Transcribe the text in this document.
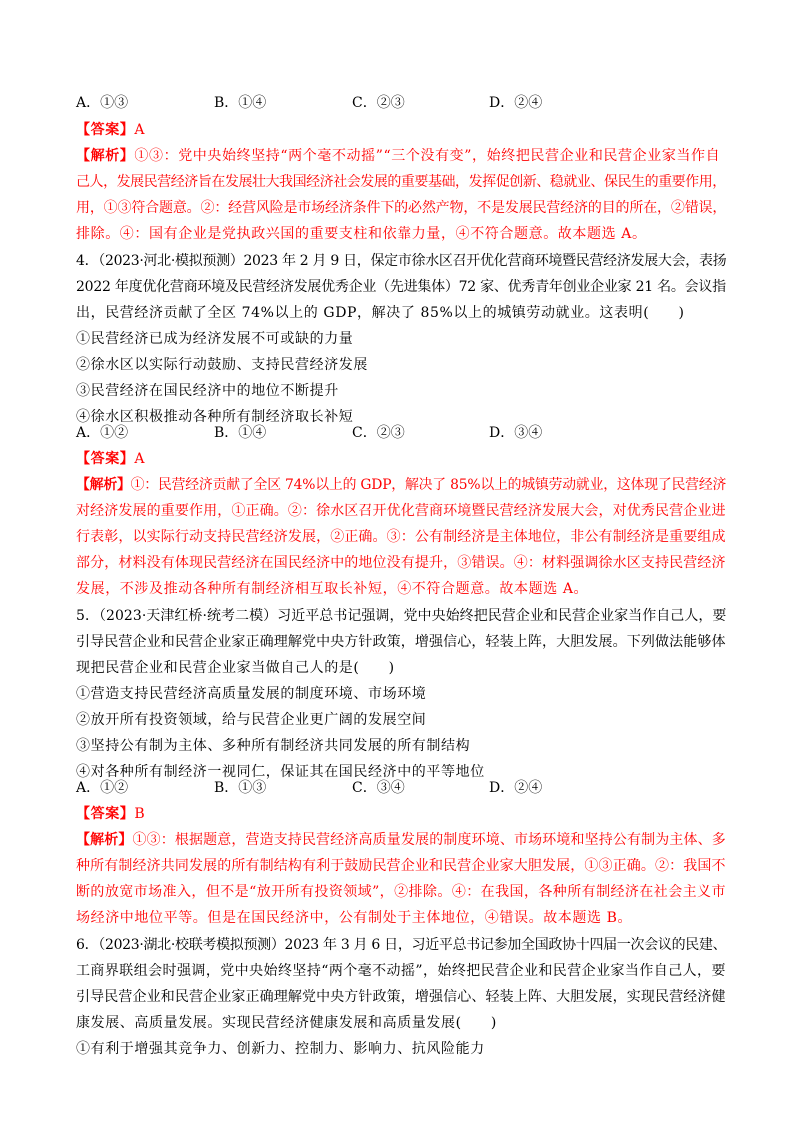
A．①③	B．①④	C．②③	D．②④
【答案】A
【解析】①③：党中央始终坚持“两个毫不动摇”“三个没有变”，始终把民营企业和民营企业家当作自
己人，发展民营经济旨在发展壮大我国经济社会发展的重要基础，发挥促创新、稳就业、保民生的重要作用，
用，①③符合题意。②：经营风险是市场经济条件下的必然产物，不是发展民营经济的目的所在，②错误，
排除。④：国有企业是党执政兴国的重要支柱和依靠力量，④不符合题意。故本题选 A。
4．（2023·河北·模拟预测）2023 年 2 月 9 日，保定市徐水区召开优化营商环境暨民营经济发展大会，表扬
2022 年度优化营商环境及民营经济发展优秀企业（先进集体）72 家、优秀青年创业企业家 21 名。会议指
出，民营经济贡献了全区 74%以上的 GDP，解决了 85%以上的城镇劳动就业。这表明(　　)
①民营经济已成为经济发展不可或缺的力量
②徐水区以实际行动鼓励、支持民营经济发展
③民营经济在国民经济中的地位不断提升
④徐水区积极推动各种所有制经济取长补短
A．①②	B．①④	C．②③	D．③④
【答案】A
【解析】①：民营经济贡献了全区 74%以上的 GDP，解决了 85%以上的城镇劳动就业，这体现了民营经济
对经济发展的重要作用，①正确。②：徐水区召开优化营商环境暨民营经济发展大会，对优秀民营企业进
行表彰，以实际行动支持民营经济发展，②正确。③：公有制经济是主体地位，非公有制经济是重要组成
部分，材料没有体现民营经济在国民经济中的地位没有提升，③错误。④：材料强调徐水区支持民营经济
发展，不涉及推动各种所有制经济相互取长补短，④不符合题意。故本题选 A。
5．（2023·天津红桥·统考二模）习近平总书记强调，党中央始终把民营企业和民营企业家当作自己人，要
引导民营企业和民营企业家正确理解党中央方针政策，增强信心，轻装上阵，大胆发展。下列做法能够体
现把民营企业和民营企业家当做自己人的是(　　)
①营造支持民营经济高质量发展的制度环境、市场环境
②放开所有投资领域，给与民营企业更广阔的发展空间
③坚持公有制为主体、多种所有制经济共同发展的所有制结构
④对各种所有制经济一视同仁，保证其在国民经济中的平等地位
A．①②	B．①③	C．③④	D．②④
【答案】B
【解析】①③：根据题意，营造支持民营经济高质量发展的制度环境、市场环境和坚持公有制为主体、多
种所有制经济共同发展的所有制结构有利于鼓励民营企业和民营企业家大胆发展，①③正确。②：我国不
断的放宽市场准入，但不是“放开所有投资领域”，②排除。④：在我国，各种所有制经济在社会主义市
场经济中地位平等。但是在国民经济中，公有制处于主体地位，④错误。故本题选 B。
6．（2023·湖北·校联考模拟预测）2023 年 3 月 6 日，习近平总书记参加全国政协十四届一次会议的民建、
工商界联组会时强调，党中央始终坚持“两个毫不动摇”，始终把民营企业和民营企业家当作自己人，要
引导民营企业和民营企业家正确理解党中央方针政策，增强信心、轻装上阵、大胆发展，实现民营经济健
康发展、高质量发展。实现民营经济健康发展和高质量发展(　　)
①有利于增强其竞争力、创新力、控制力、影响力、抗风险能力
